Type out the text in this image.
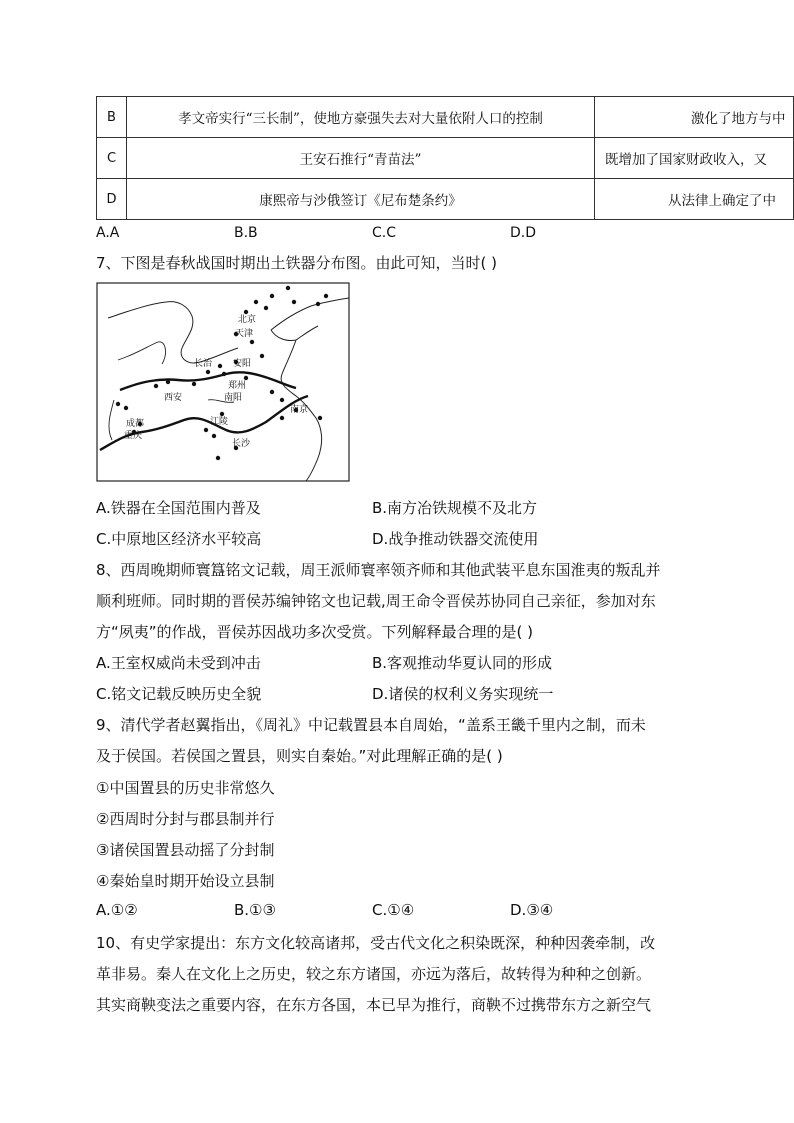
B	孝文帝实行“三长制”，使地方豪强失去对大量依附人口的控制	激化了地方与中
C	王安石推行“青苗法”	既增加了国家财政收入，又
D	康熙帝与沙俄签订《尼布楚条约》	从法律上确定了中
A.A	B.B	C.C	D.D
7、下图是春秋战国时期出土铁器分布图。由此可知，当时( )
北京
天津
长治 安阳
西安
郑州
南阳
南京
成都
重庆
江陵
长沙
A.铁器在全国范围内普及	B.南方冶铁规模不及北方
C.中原地区经济水平较高	D.战争推动铁器交流使用
8、西周晚期师寰簋铭文记载，周王派师寰率领齐师和其他武装平息东国淮夷的叛乱并
顺利班师。同时期的晋侯苏编钟铭文也记载,周王命令晋侯苏协同自己亲征，参加对东
方“夙夷”的作战，晋侯苏因战功多次受赏。下列解释最合理的是( )
A.王室权威尚未受到冲击	B.客观推动华夏认同的形成
C.铭文记载反映历史全貌	D.诸侯的权利义务实现统一
9、清代学者赵翼指出，《周礼》中记载置县本自周始，“盖系王畿千里内之制，而未
及于侯国。若侯国之置县，则实自秦始。”对此理解正确的是( )
①中国置县的历史非常悠久
②西周时分封与郡县制并行
③诸侯国置县动摇了分封制
④秦始皇时期开始设立县制
A.①②	B.①③	C.①④	D.③④
10、有史学家提出：东方文化较高诸邦，受古代文化之积染既深，种种因袭牵制，改
革非易。秦人在文化上之历史，较之东方诸国，亦远为落后，故转得为种种之创新。
其实商鞅变法之重要内容，在东方各国，本已早为推行，商鞅不过携带东方之新空气
